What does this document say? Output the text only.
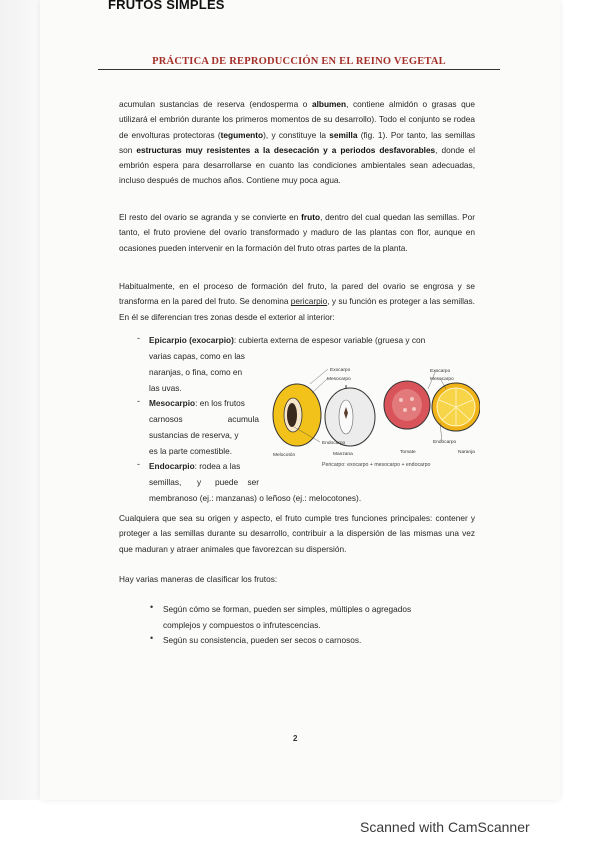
FRUTOS SIMPLES
PRÁCTICA DE REPRODUCCIÓN EN EL REINO VEGETAL
acumulan sustancias de reserva (endosperma o albumen, contiene almidón o grasas que utilizará el embrión durante los primeros momentos de su desarrollo). Todo el conjunto se rodea de envolturas protectoras (tegumento), y constituye la semilla (fig. 1). Por tanto, las semillas son estructuras muy resistentes a la desecación y a periodos desfavorables, donde el embrión espera para desarrollarse en cuanto las condiciones ambientales sean adecuadas, incluso después de muchos años. Contiene muy poca agua.
El resto del ovario se agranda y se convierte en fruto, dentro del cual quedan las semillas. Por tanto, el fruto proviene del ovario transformado y maduro de las plantas con flor, aunque en ocasiones pueden intervenir en la formación del fruto otras partes de la planta.
Habitualmente, en el proceso de formación del fruto, la pared del ovario se engrosa y se transforma en la pared del fruto. Se denomina pericarpio, y su función es proteger a las semillas. En él se diferencian tres zonas desde el exterior al interior:
- Epicarpio (exocarpio): cubierta externa de espesor variable (gruesa y con
varias capas, como en las
naranjas, o fina, como en
las uvas.
- Mesocarpio: en los frutos
carnosos	acumula
sustancias de reserva, y
es la parte comestible.
- Endocarpio: rodea a las
semillas, y puede ser
membranoso (ej.: manzanas) o leñoso (ej.: melocotones).
Exocarpo
Mesocarpo
Endocarpo
Melocotón	Manzana
Exocarpo
Mesocarpo
Endocarpo
Tomate	Naranja
Pericarpo: exocarpo + mesocarpo + endocarpo
Cualquiera que sea su origen y aspecto, el fruto cumple tres funciones principales: contener y proteger a las semillas durante su desarrollo, contribuir a la dispersión de las mismas una vez que maduran y atraer animales que favorezcan su dispersión.
Hay varias maneras de clasificar los frutos:
• Según cómo se forman, pueden ser simples, múltiples o agregados
complejos y compuestos o infrutescencias.
• Según su consistencia, pueden ser secos o carnosos.
2
Scanned with CamScanner
